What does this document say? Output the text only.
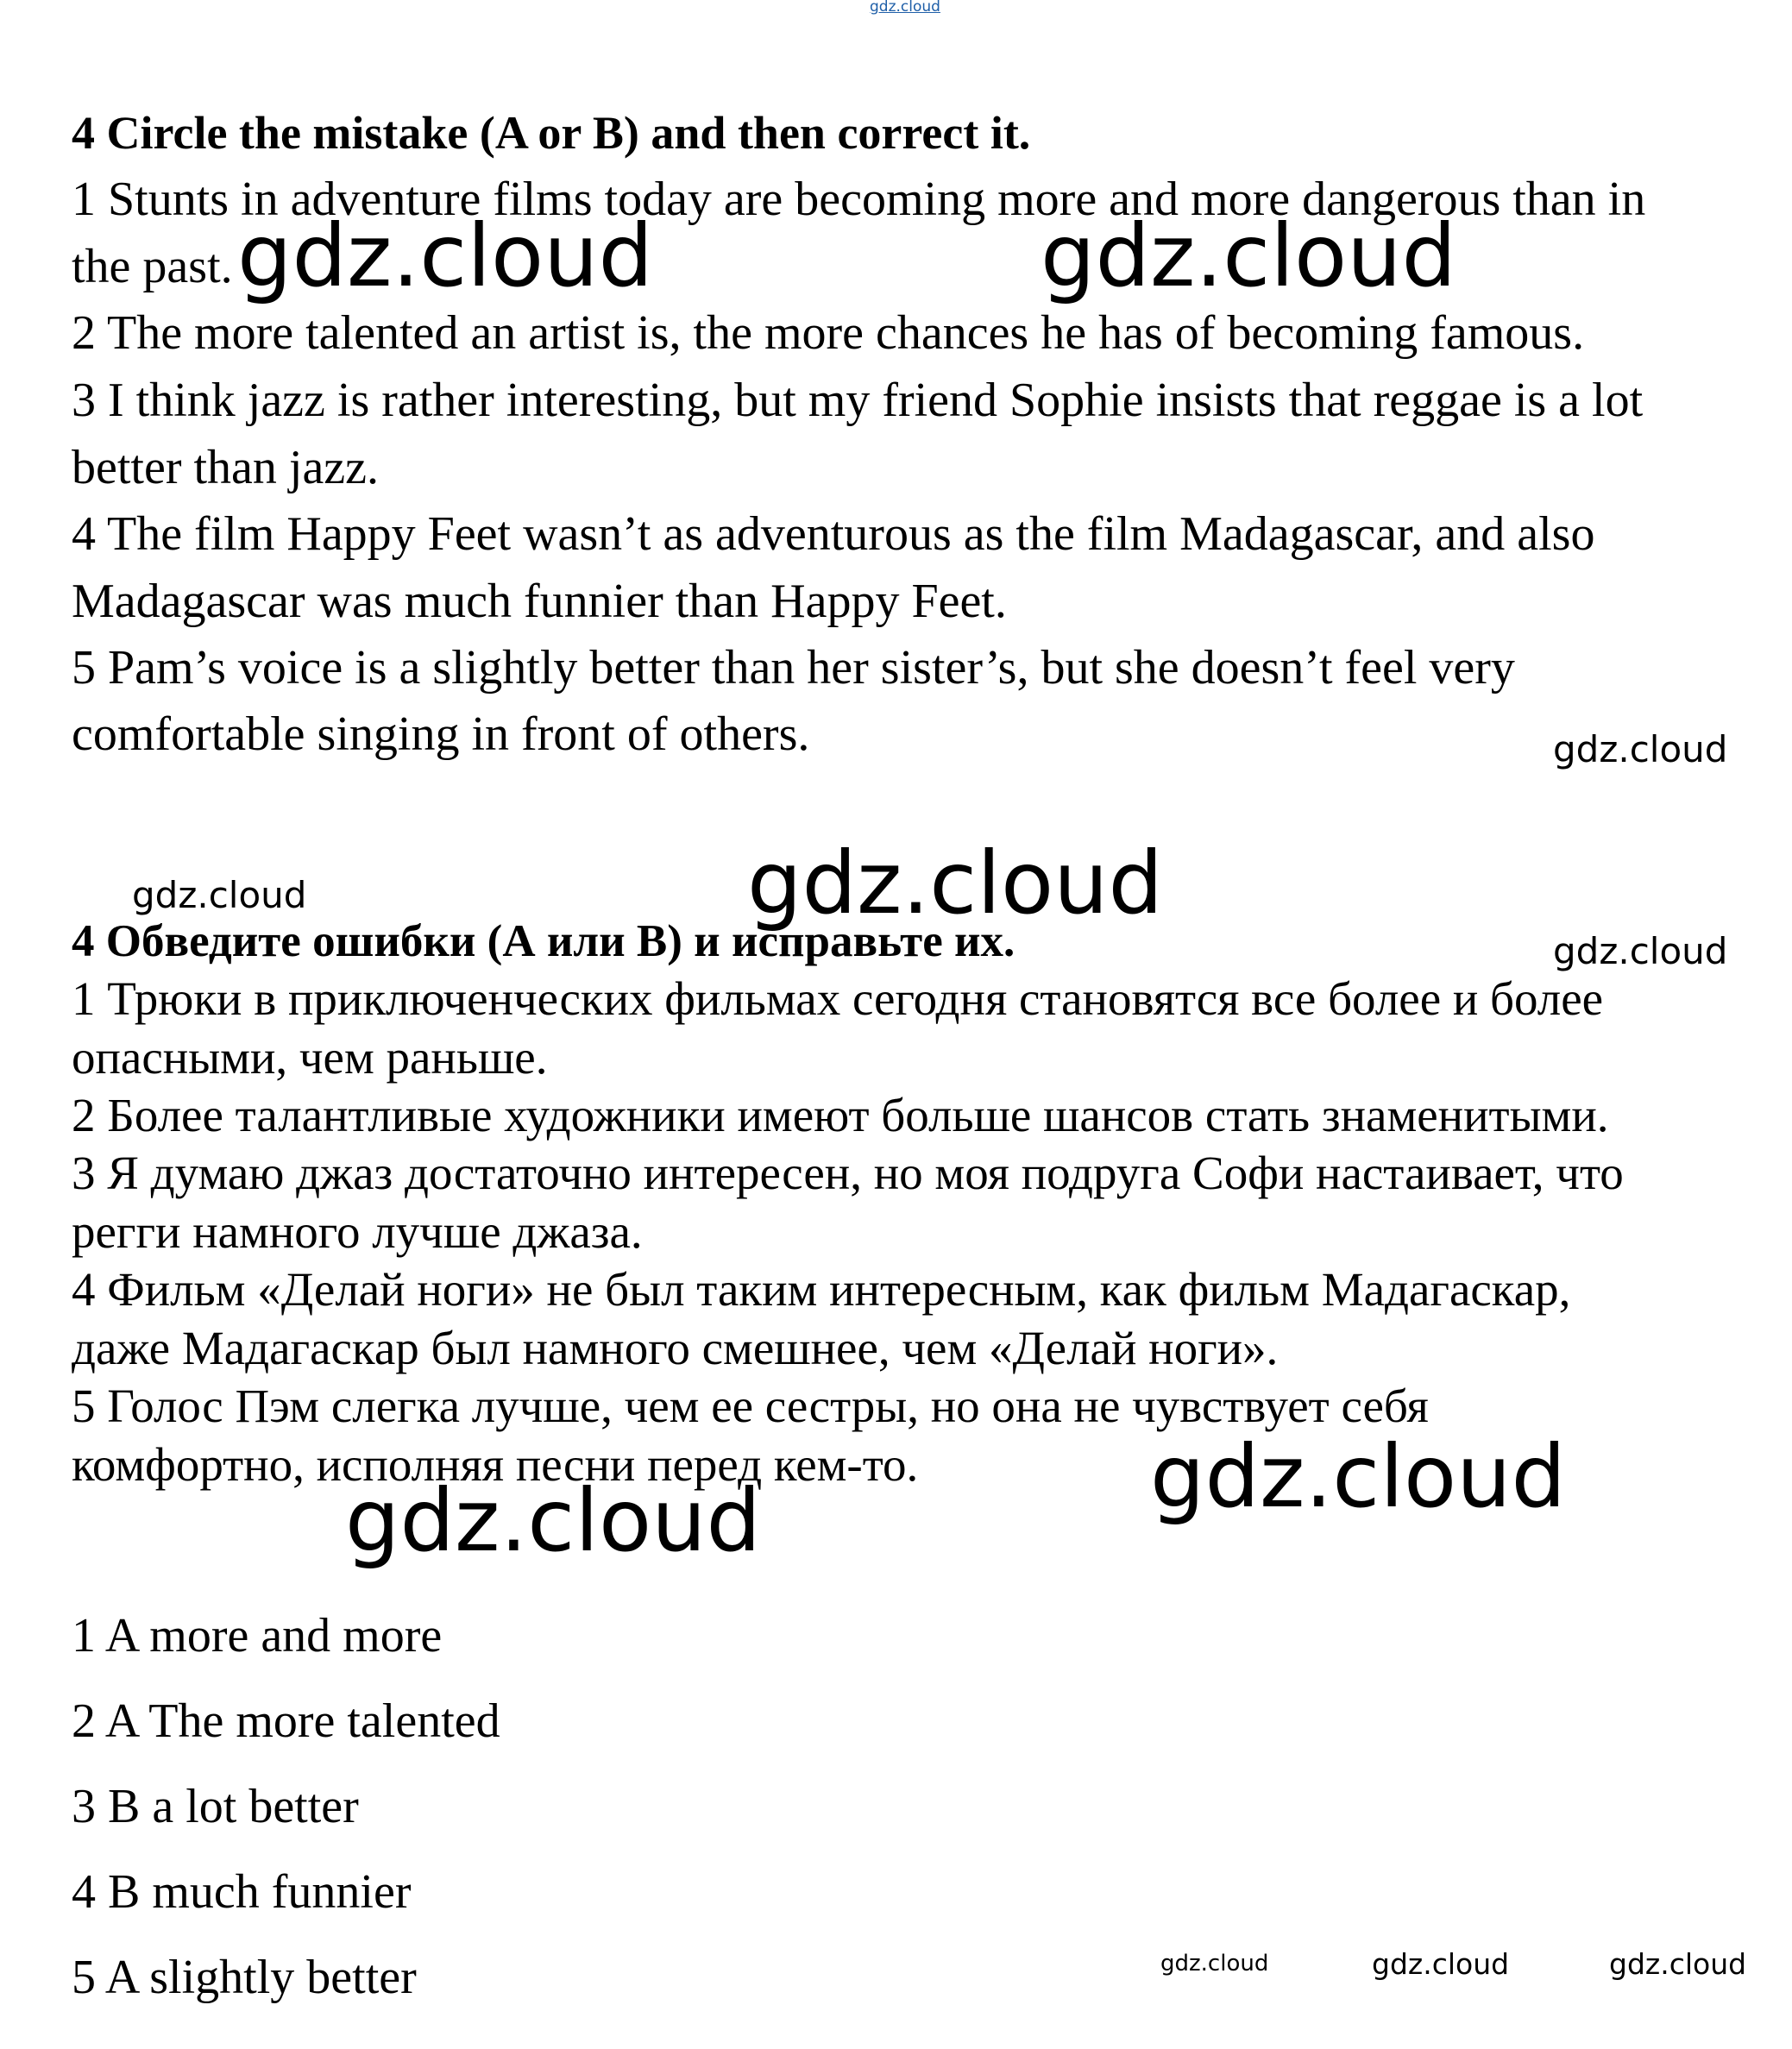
gdz.cloud
gdz.cloud	gdz.cloud
gdz.cloud
gdz.cloud	gdz.cloud
gdz.cloud
gdz.cloud
gdz.cloud
gdz.cloud	gdz.cloud	gdz.cloud
4 Circle the mistake (A or B) and then correct it.
1 Stunts in adventure films today are becoming more and more dangerous than in
the past.
2 The more talented an artist is, the more chances he has of becoming famous.
3 I think jazz is rather interesting, but my friend Sophie insists that reggae is a lot
better than jazz.
4 The film Happy Feet wasn’t as adventurous as the film Madagascar, and also
Madagascar was much funnier than Happy Feet.
5 Pam’s voice is a slightly better than her sister’s, but she doesn’t feel very
comfortable singing in front of others.
4 Обведите ошибки (А или В) и исправьте их.
1 Трюки в приключенческих фильмах сегодня становятся все более и более
опасными, чем раньше.
2 Более талантливые художники имеют больше шансов стать знаменитыми.
3 Я думаю джаз достаточно интересен, но моя подруга Софи настаивает, что
регги намного лучше джаза.
4 Фильм «Делай ноги» не был таким интересным, как фильм Мадагаскар,
даже Мадагаскар был намного смешнее, чем «Делай ноги».
5 Голос Пэм слегка лучше, чем ее сестры, но она не чувствует себя
комфортно, исполняя песни перед кем-то.
1 A more and more
2 A The more talented
3 B a lot better
4 B much funnier
5 A slightly better
